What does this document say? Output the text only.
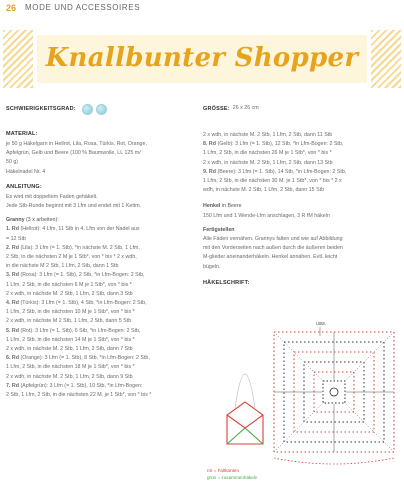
26 MODE UND ACCESSOIRES
Knallbunter Shopper
SCHWIERIGKEITSGRAD:

MATERIAL:

je 50 g Häkelgarn in Hellrot, Lila, Rosa, Türkis, Rot, Orange,

Apfelgrün, Gelb und Beere (100 % Baumwolle, LL 125 m/

50 g)

Häkelnadel Nr. 4

ANLEITUNG:

Es wird mit doppeltem Faden gehäkelt.

Jede Stb-Runde beginnt mit 3 Lfm und endet mit 1 Kettm.

Granny (3 x arbeiten):

1. Rd (Hellrot): 4 Lfm, 11 Stb in 4. Lfm von der Nadel aus

= 12 Stb

2. Rd (Lila): 3 Lfm (= 1. Stb), *in nächste M. 2 Stb, 1 Lfm,

2 Stb, in die nächsten 2 M je 1 Stb*, von * bis * 2 x wdh,

in die nächste M 2 Stb, 1 Lfm, 2 Stb, dann 1 Stb

3. Rd (Rosa): 3 Lfm (= 1. Stb), 2 Stb, *in Lfm-Bogen: 2 Stb,

1 Lfm, 2 Stb, in die nächsten 6 M je 1 Stb*, von * bis *

2 x wdh, in nächste M. 2 Stb, 1 Lfm, 2 Stb, dann 3 Stb

4. Rd (Türkis): 3 Lfm (= 1. Stb), 4 Stb, *in Lfm-Bogen: 2 Stb,

1 Lfm, 2 Stb, in die nächsten 10 M je 1 Stb*, von * bis *

2 x wdh, in nächste M 2 Stb, 1 Lfm, 2 Stb, dann 5 Stb

5. Rd (Rot): 3 Lfm (= 1. Stb), 6 Stb, *in Lfm-Bogen: 2 Stb,

1 Lfm, 2 Stb, in die nächsten 14 M je 1 Stb*, von * bis *

2 x wdh, in nächste M. 2 Stb, 1 Lfm, 2 Stb, dann 7 Stb

6. Rd (Orange): 3 Lfm (= 1. Stb), 8 Stb, *in Lfm-Bogen: 2 Stb,

1 Lfm, 2 Stb, in die nächsten 18 M je 1 Stb*, von * bis *

2 x wdh, in nächste M. 2 Stb, 1 Lfm, 2 Stb, dann 9 Stb

7. Rd (Apfelgrün): 3 Lfm (= 1. Stb), 10 Stb, *in Lfm-Bogen:

2 Stb, 1 Lfm, 2 Stb, in die nächsten 22 M. je 1 Stb*, von * bis *

GRÖSSE: 26 x 26 cm

2 x wdh, in nächste M. 2 Stb, 1 Lfm, 2 Stb, dann 11 Stb

8. Rd (Gelb): 3 Lfm (= 1. Stb), 12 Stb, *in Lfm-Bogen: 2 Stb,

1 Lfm, 2 Stb, in die nächsten 26 M je 1 Stb*, von * bis *

2 x wdh, in nächste M. 2 Stb, 1 Lfm, 2 Stb, dann 13 Stb

9. Rd (Beere): 3 Lfm (= 1. Stb), 14 Stb, *in Lfm-Bogen: 2 Stb,

1 Lfm, 2 Stb, in die nächsten 30 M. je 1 Stb*, von * bis * 2 x

wdh, in nächste M. 2 Stb, 1 Lfm, 2 Stb, dann 15 Stb

Henkel in Beere

150 Lfm und 1 Wende-Lfm anschlagen, 3 R fM häkeln

Fertigstellen

Alle Fäden vernähen. Grannys falten und wie auf Abbildung

mit den Vorderseiten nach außen durch die äußeren beiden

M-glieder aneinanderhäkeln. Henkel annähen. Evtl. leicht

bügeln.

HÄKELSCHRIFT:

usw.
rot = Faltkanten
grün = zusammenhäkeln
